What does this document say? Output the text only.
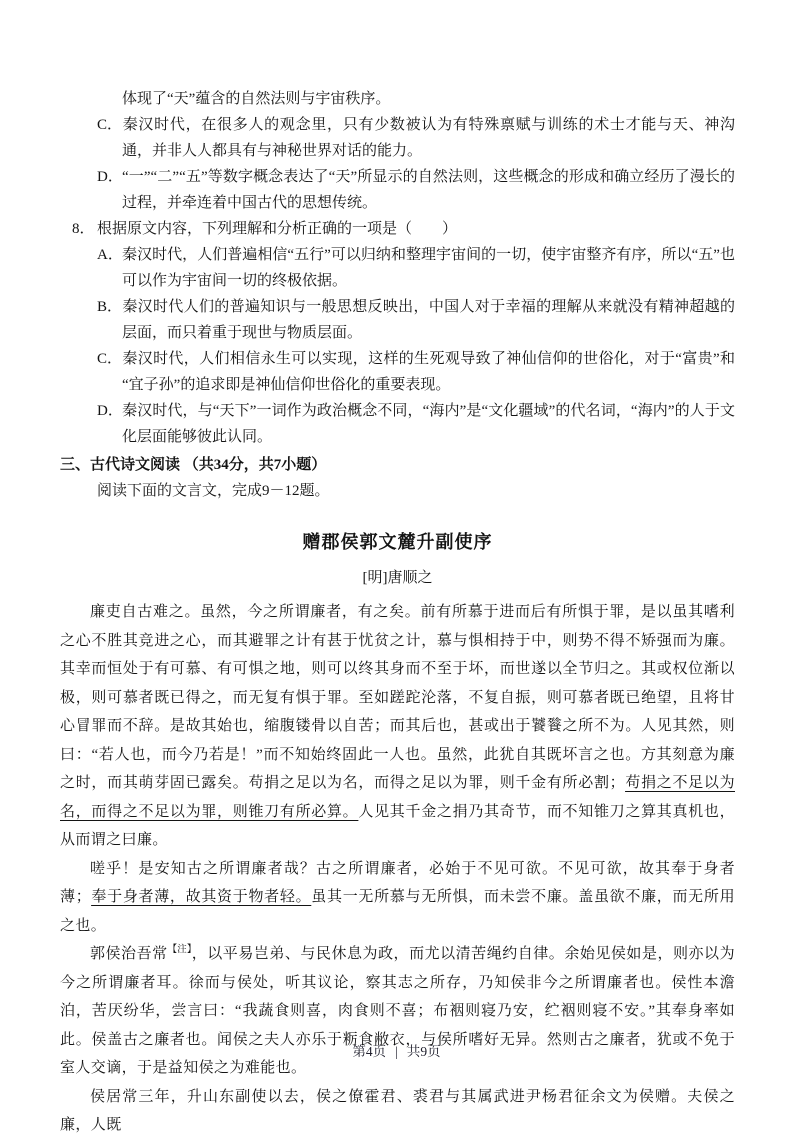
体现了“天”蕴含的自然法则与宇宙秩序。

C．秦汉时代，在很多人的观念里，只有少数被认为有特殊禀赋与训练的术士才能与天、神沟通，并非人人都具有与神秘世界对话的能力。

D．“一”“二”“五”等数字概念表达了“天”所显示的自然法则，这些概念的形成和确立经历了漫长的过程，并牵连着中国古代的思想传统。

8． 根据原文内容，下列理解和分析正确的一项是（　　）

A．秦汉时代，人们普遍相信“五行”可以归纳和整理宇宙间的一切，使宇宙整齐有序，所以“五”也可以作为宇宙间一切的终极依据。

B．秦汉时代人们的普遍知识与一般思想反映出，中国人对于幸福的理解从来就没有精神超越的层面，而只着重于现世与物质层面。

C．秦汉时代，人们相信永生可以实现，这样的生死观导致了神仙信仰的世俗化，对于“富贵”和“宜子孙”的追求即是神仙信仰世俗化的重要表现。

D．秦汉时代，与“天下”一词作为政治概念不同，“海内”是“文化疆域”的代名词，“海内”的人于文化层面能够彼此认同。

三、古代诗文阅读 （共34分，共7小题）

阅读下面的文言文，完成9－12题。

赠郡侯郭文麓升副使序

[明]唐顺之

廉吏自古难之。虽然，今之所谓廉者，有之矣。前有所慕于进而后有所惧于罪，是以虽其嗜利之心不胜其竞进之心，而其避罪之计有甚于忧贫之计，慕与惧相持于中，则势不得不矫强而为廉。其幸而恒处于有可慕、有可惧之地，则可以终其身而不至于坏，而世遂以全节归之。其或权位渐以极，则可慕者既已得之，而无复有惧于罪。至如蹉跎沦落，不复自振，则可慕者既已绝望，且将甘心冒罪而不辞。是故其始也，缩腹镂骨以自苦；而其后也，甚或出于饕餮之所不为。人见其然，则曰：“若人也，而今乃若是！”而不知始终固此一人也。虽然，此犹自其既坏言之也。方其刻意为廉之时，而其萌芽固已露矣。苟捐之足以为名，而得之足以为罪，则千金有所必割；苟捐之不足以为名，而得之不足以为罪，则锥刀有所必算。人见其千金之捐乃其奇节，而不知锥刀之算其真机也，从而谓之曰廉。

嗟乎！是安知古之所谓廉者哉？古之所谓廉者，必始于不见可欲。不见可欲，故其奉于身者薄；奉于身者薄，故其资于物者轻。虽其一无所慕与无所惧，而未尝不廉。盖虽欲不廉，而无所用之也。

郭侯治吾常$^{【注】}$，以平易岂弟、与民休息为政，而尤以清苦绳约自律。余始见侯如是，则亦以为今之所谓廉者耳。徐而与侯处，听其议论，察其志之所存，乃知侯非今之所谓廉者也。侯性本澹泊，苦厌纷华，尝言曰：“我蔬食则喜，肉食则不喜；布裀则寝乃安，纻裀则寝不安。”其奉身率如此。侯盖古之廉者也。闻侯之夫人亦乐于粝食敝衣，与侯所嗜好无异。然则古之廉者，犹或不免于室人交谪，于是益知侯之为难能也。

侯居常三年，升山东副使以去，侯之僚霍君、裘君与其属武进尹杨君征余文为侯赠。夫侯之廉，人既

第4页 | 共9页
